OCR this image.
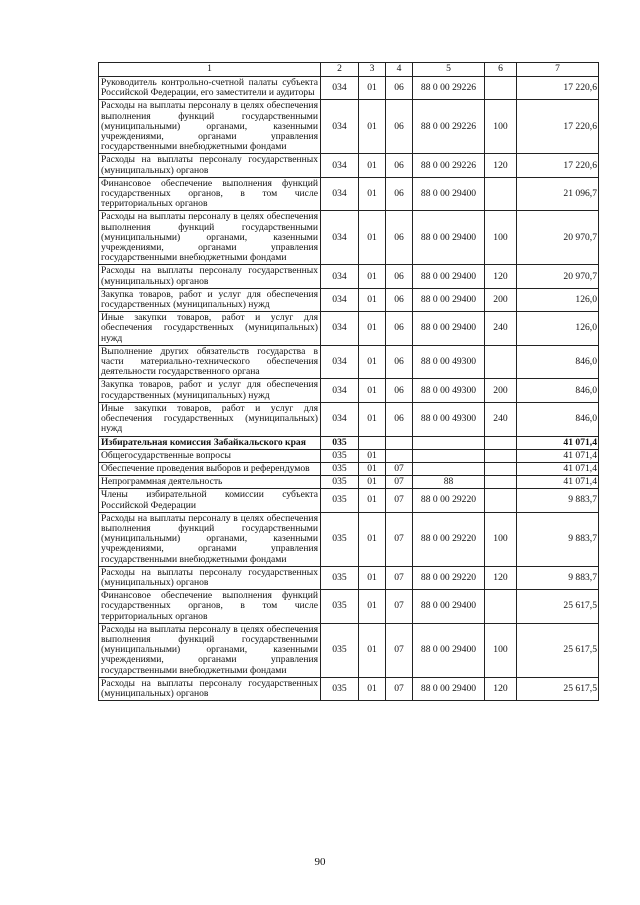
1	2	3	4	5	6	7
Руководитель контрольно-счетной палаты субъекта Российской Федерации, его заместители и аудиторы	034	01	06	88 0 00 29226		17 220,6
Расходы на выплаты персоналу в целях обеспечения выполнения функций государственными (муниципальными) органами, казенными учреждениями, органами управления государственными внебюджетными фондами	034	01	06	88 0 00 29226	100	17 220,6
Расходы на выплаты персоналу государственных (муниципальных) органов	034	01	06	88 0 00 29226	120	17 220,6
Финансовое обеспечение выполнения функций государственных органов, в том числе территориальных органов	034	01	06	88 0 00 29400		21 096,7
Расходы на выплаты персоналу в целях обеспечения выполнения функций государственными (муниципальными) органами, казенными учреждениями, органами управления государственными внебюджетными фондами	034	01	06	88 0 00 29400	100	20 970,7
Расходы на выплаты персоналу государственных (муниципальных) органов	034	01	06	88 0 00 29400	120	20 970,7
Закупка товаров, работ и услуг для обеспечения государственных (муниципальных) нужд	034	01	06	88 0 00 29400	200	126,0
Иные закупки товаров, работ и услуг для обеспечения государственных (муниципальных) нужд	034	01	06	88 0 00 29400	240	126,0
Выполнение других обязательств государства в части материально-технического обеспечения деятельности государственного органа	034	01	06	88 0 00 49300		846,0
Закупка товаров, работ и услуг для обеспечения государственных (муниципальных) нужд	034	01	06	88 0 00 49300	200	846,0
Иные закупки товаров, работ и услуг для обеспечения государственных (муниципальных) нужд	034	01	06	88 0 00 49300	240	846,0
Избирательная комиссия Забайкальского края	035					41 071,4
Общегосударственные вопросы	035	01				41 071,4
Обеспечение проведения выборов и референдумов	035	01	07			41 071,4
Непрограммная деятельность	035	01	07	88		41 071,4
Члены избирательной комиссии субъекта Российской Федерации	035	01	07	88 0 00 29220		9 883,7
Расходы на выплаты персоналу в целях обеспечения выполнения функций государственными (муниципальными) органами, казенными учреждениями, органами управления государственными внебюджетными фондами	035	01	07	88 0 00 29220	100	9 883,7
Расходы на выплаты персоналу государственных (муниципальных) органов	035	01	07	88 0 00 29220	120	9 883,7
Финансовое обеспечение выполнения функций государственных органов, в том числе территориальных органов	035	01	07	88 0 00 29400		25 617,5
Расходы на выплаты персоналу в целях обеспечения выполнения функций государственными (муниципальными) органами, казенными учреждениями, органами управления государственными внебюджетными фондами	035	01	07	88 0 00 29400	100	25 617,5
Расходы на выплаты персоналу государственных (муниципальных) органов	035	01	07	88 0 00 29400	120	25 617,5
90
